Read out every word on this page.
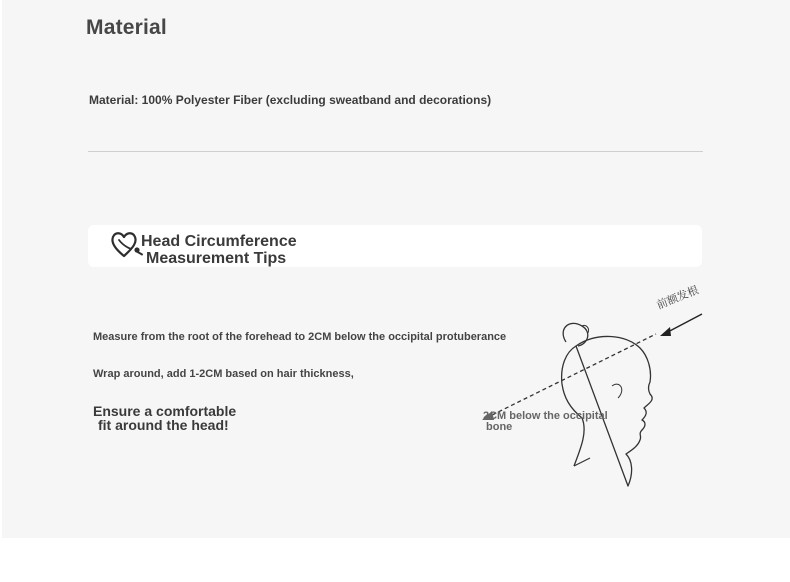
Material

Material: 100% Polyester Fiber (excluding sweatband and decorations)

Head Circumference
Measurement Tips
Measure from the root of the forehead to 2CM below the occipital protuberance
Wrap around, add 1-2CM based on hair thickness,
Ensure a comfortable
fit around the head!
前额发根
2CM below the occipital
bone
